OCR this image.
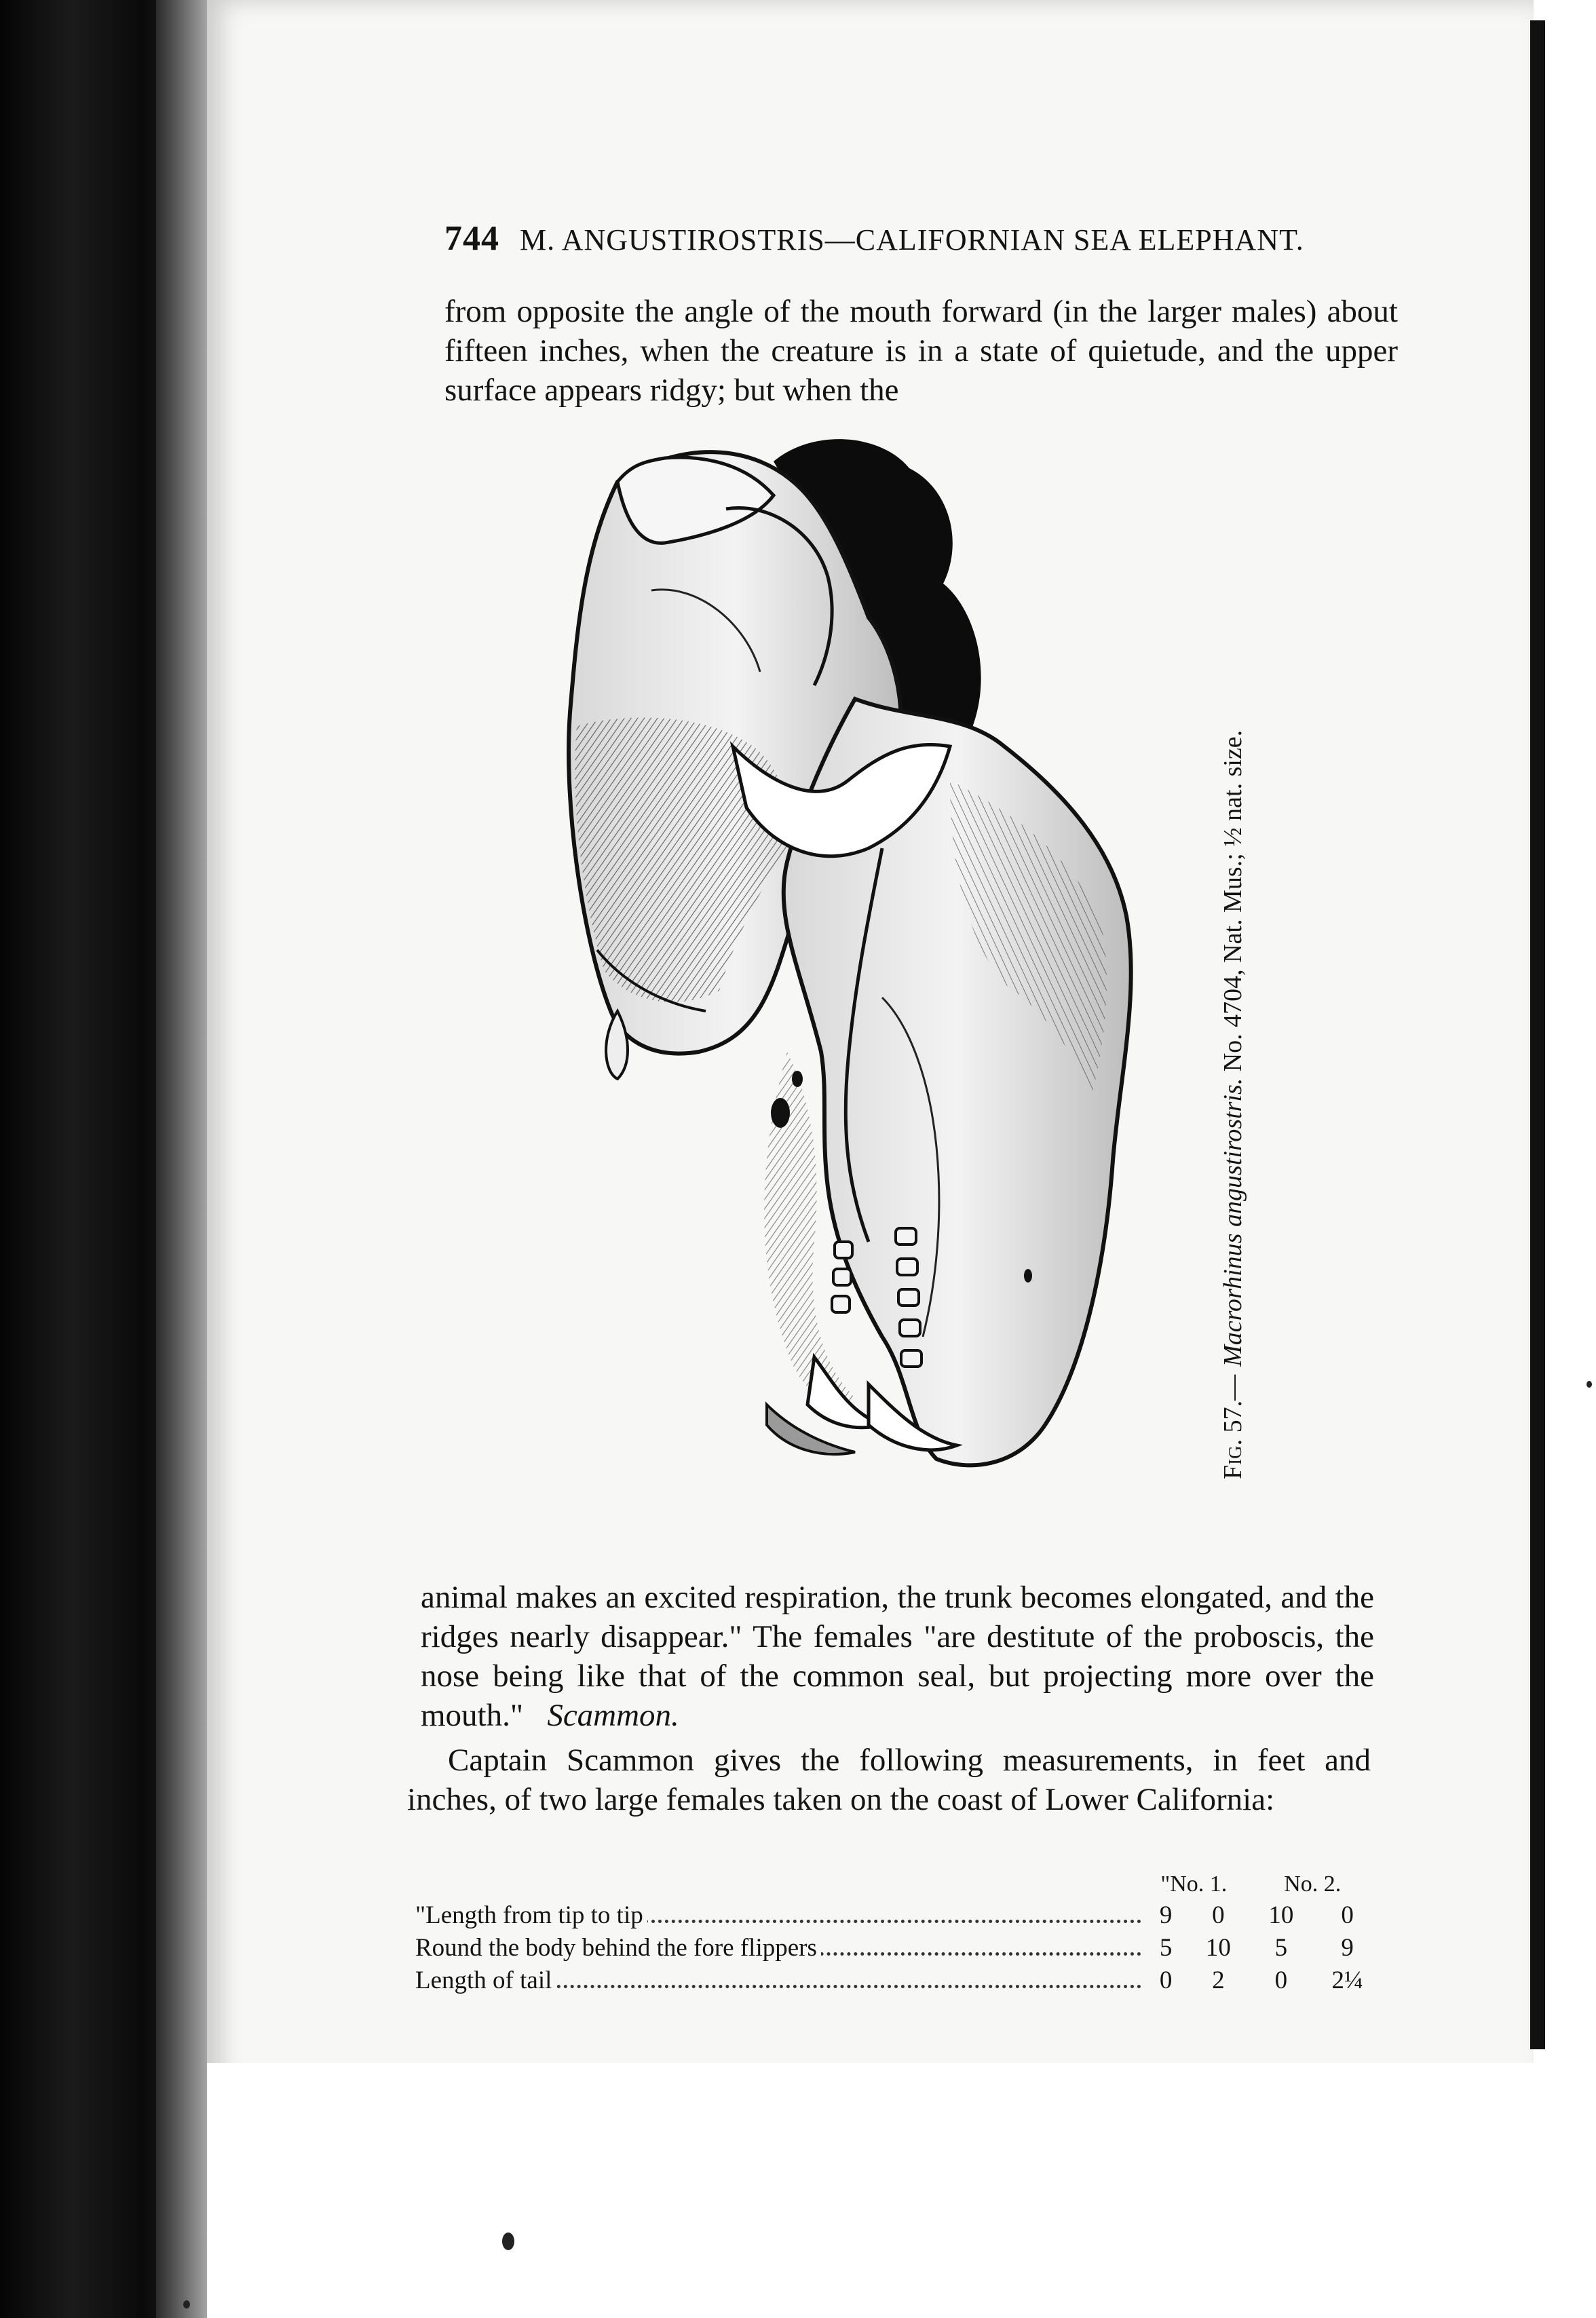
744 M. ANGUSTIROSTRIS—CALIFORNIAN SEA ELEPHANT.

from opposite the angle of the mouth forward (in the larger males) about fifteen inches, when the creature is in a state of quietude, and the upper surface appears ridgy; but when the

Fig. 57.—Macrorhinus angustirostris. No. 4704, Nat. Mus.; ½ nat. size.

animal makes an excited respiration, the trunk becomes elongated, and the ridges nearly disappear." The females "are destitute of the proboscis, the nose being like that of the common seal, but projecting more over the mouth." Scammon.

Captain Scammon gives the following measurements, in feet and inches, of two large females taken on the coast of Lower California:

	"No. 1.		No. 2.	

"Length from tip to tip	9	0	10	0

Round the body behind the fore flippers	5	10	5	9

Length of tail	0	2	0	2¼
